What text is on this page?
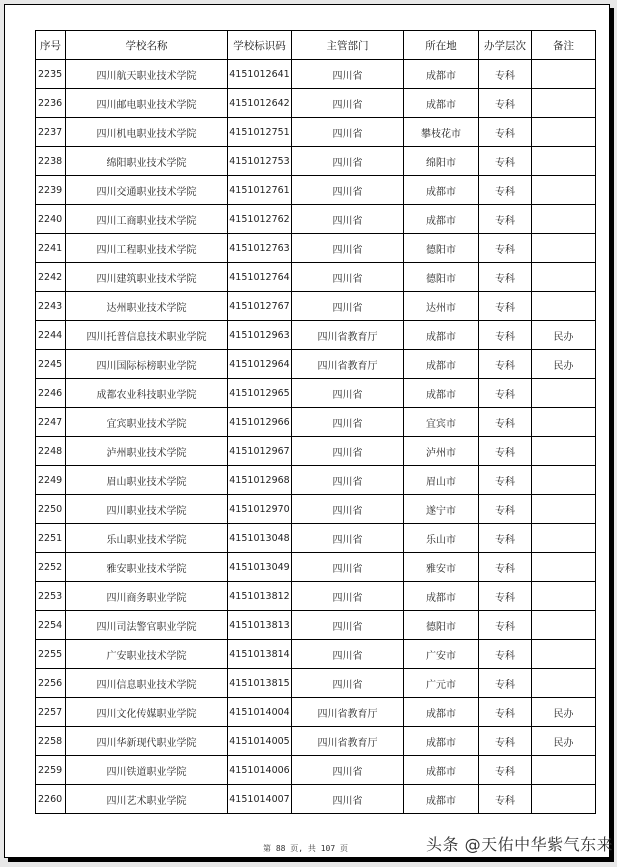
序号	学校名称	学校标识码	主管部门	所在地	办学层次	备注
2235	四川航天职业技术学院	4151012641	四川省	成都市	专科	
2236	四川邮电职业技术学院	4151012642	四川省	成都市	专科	
2237	四川机电职业技术学院	4151012751	四川省	攀枝花市	专科	
2238	绵阳职业技术学院	4151012753	四川省	绵阳市	专科	
2239	四川交通职业技术学院	4151012761	四川省	成都市	专科	
2240	四川工商职业技术学院	4151012762	四川省	成都市	专科	
2241	四川工程职业技术学院	4151012763	四川省	德阳市	专科	
2242	四川建筑职业技术学院	4151012764	四川省	德阳市	专科	
2243	达州职业技术学院	4151012767	四川省	达州市	专科	
2244	四川托普信息技术职业学院	4151012963	四川省教育厅	成都市	专科	民办
2245	四川国际标榜职业学院	4151012964	四川省教育厅	成都市	专科	民办
2246	成都农业科技职业学院	4151012965	四川省	成都市	专科	
2247	宜宾职业技术学院	4151012966	四川省	宜宾市	专科	
2248	泸州职业技术学院	4151012967	四川省	泸州市	专科	
2249	眉山职业技术学院	4151012968	四川省	眉山市	专科	
2250	四川职业技术学院	4151012970	四川省	遂宁市	专科	
2251	乐山职业技术学院	4151013048	四川省	乐山市	专科	
2252	雅安职业技术学院	4151013049	四川省	雅安市	专科	
2253	四川商务职业学院	4151013812	四川省	成都市	专科	
2254	四川司法警官职业学院	4151013813	四川省	德阳市	专科	
2255	广安职业技术学院	4151013814	四川省	广安市	专科	
2256	四川信息职业技术学院	4151013815	四川省	广元市	专科	
2257	四川文化传媒职业学院	4151014004	四川省教育厅	成都市	专科	民办
2258	四川华新现代职业学院	4151014005	四川省教育厅	成都市	专科	民办
2259	四川铁道职业学院	4151014006	四川省	成都市	专科	
2260	四川艺术职业学院	4151014007	四川省	成都市	专科	
第 88 页, 共 107 页	头条 @天佑中华紫气东来
